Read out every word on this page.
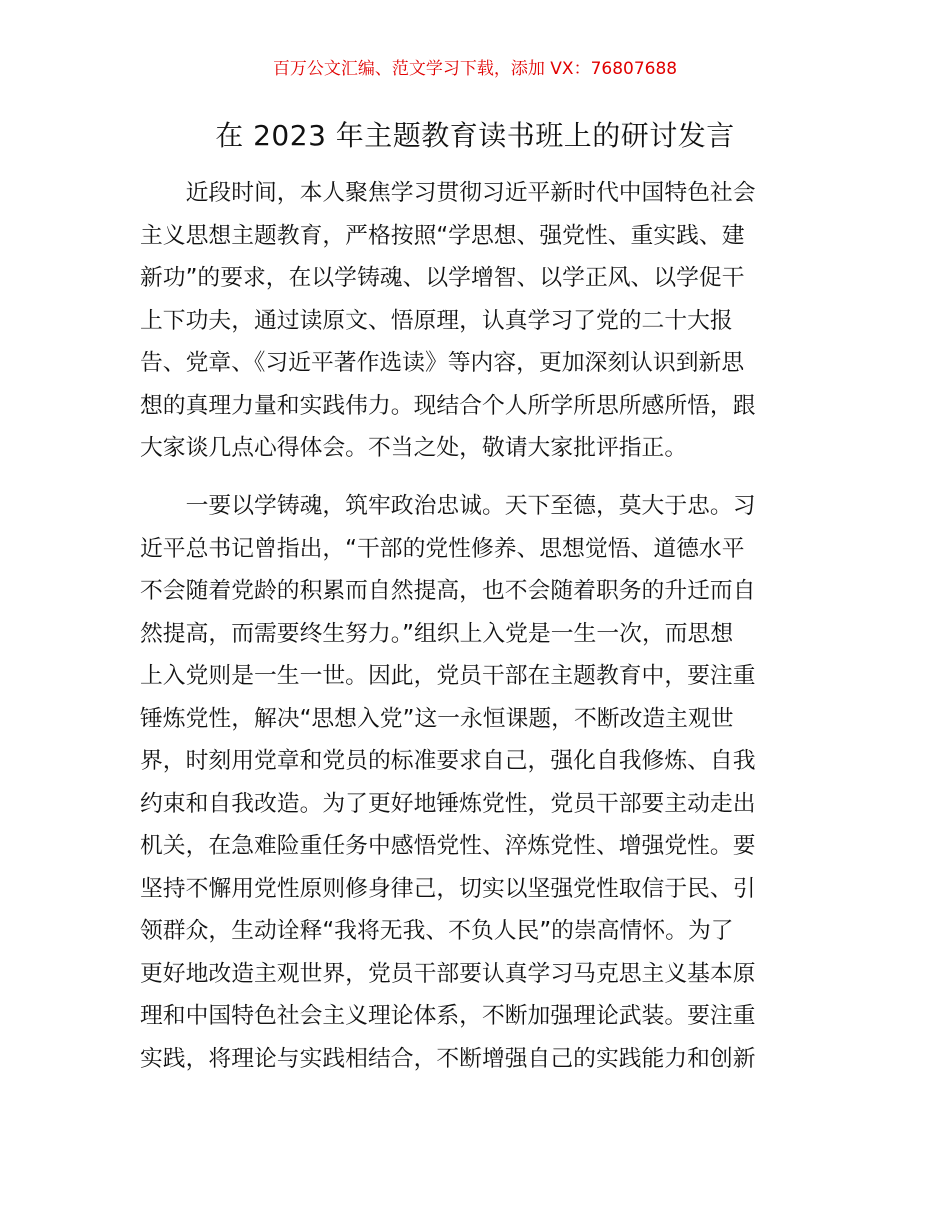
百万公文汇编、范文学习下载，添加 VX：76807688
在 2023 年主题教育读书班上的研讨发言
　　近段时间，本人聚焦学习贯彻习近平新时代中国特色社会
主义思想主题教育，严格按照“学思想、强党性、重实践、建
新功”的要求，在以学铸魂、以学增智、以学正风、以学促干
上下功夫，通过读原文、悟原理，认真学习了党的二十大报
告、党章、《习近平著作选读》等内容，更加深刻认识到新思
想的真理力量和实践伟力。现结合个人所学所思所感所悟，跟
大家谈几点心得体会。不当之处，敬请大家批评指正。
　　一要以学铸魂，筑牢政治忠诚。天下至德，莫大于忠。习
近平总书记曾指出，“干部的党性修养、思想觉悟、道德水平
不会随着党龄的积累而自然提高，也不会随着职务的升迁而自
然提高，而需要终生努力。”组织上入党是一生一次，而思想
上入党则是一生一世。因此，党员干部在主题教育中，要注重
锤炼党性，解决“思想入党”这一永恒课题，不断改造主观世
界，时刻用党章和党员的标准要求自己，强化自我修炼、自我
约束和自我改造。为了更好地锤炼党性，党员干部要主动走出
机关，在急难险重任务中感悟党性、淬炼党性、增强党性。要
坚持不懈用党性原则修身律己，切实以坚强党性取信于民、引
领群众，生动诠释“我将无我、不负人民”的崇高情怀。为了
更好地改造主观世界，党员干部要认真学习马克思主义基本原
理和中国特色社会主义理论体系，不断加强理论武装。要注重
实践，将理论与实践相结合，不断增强自己的实践能力和创新
